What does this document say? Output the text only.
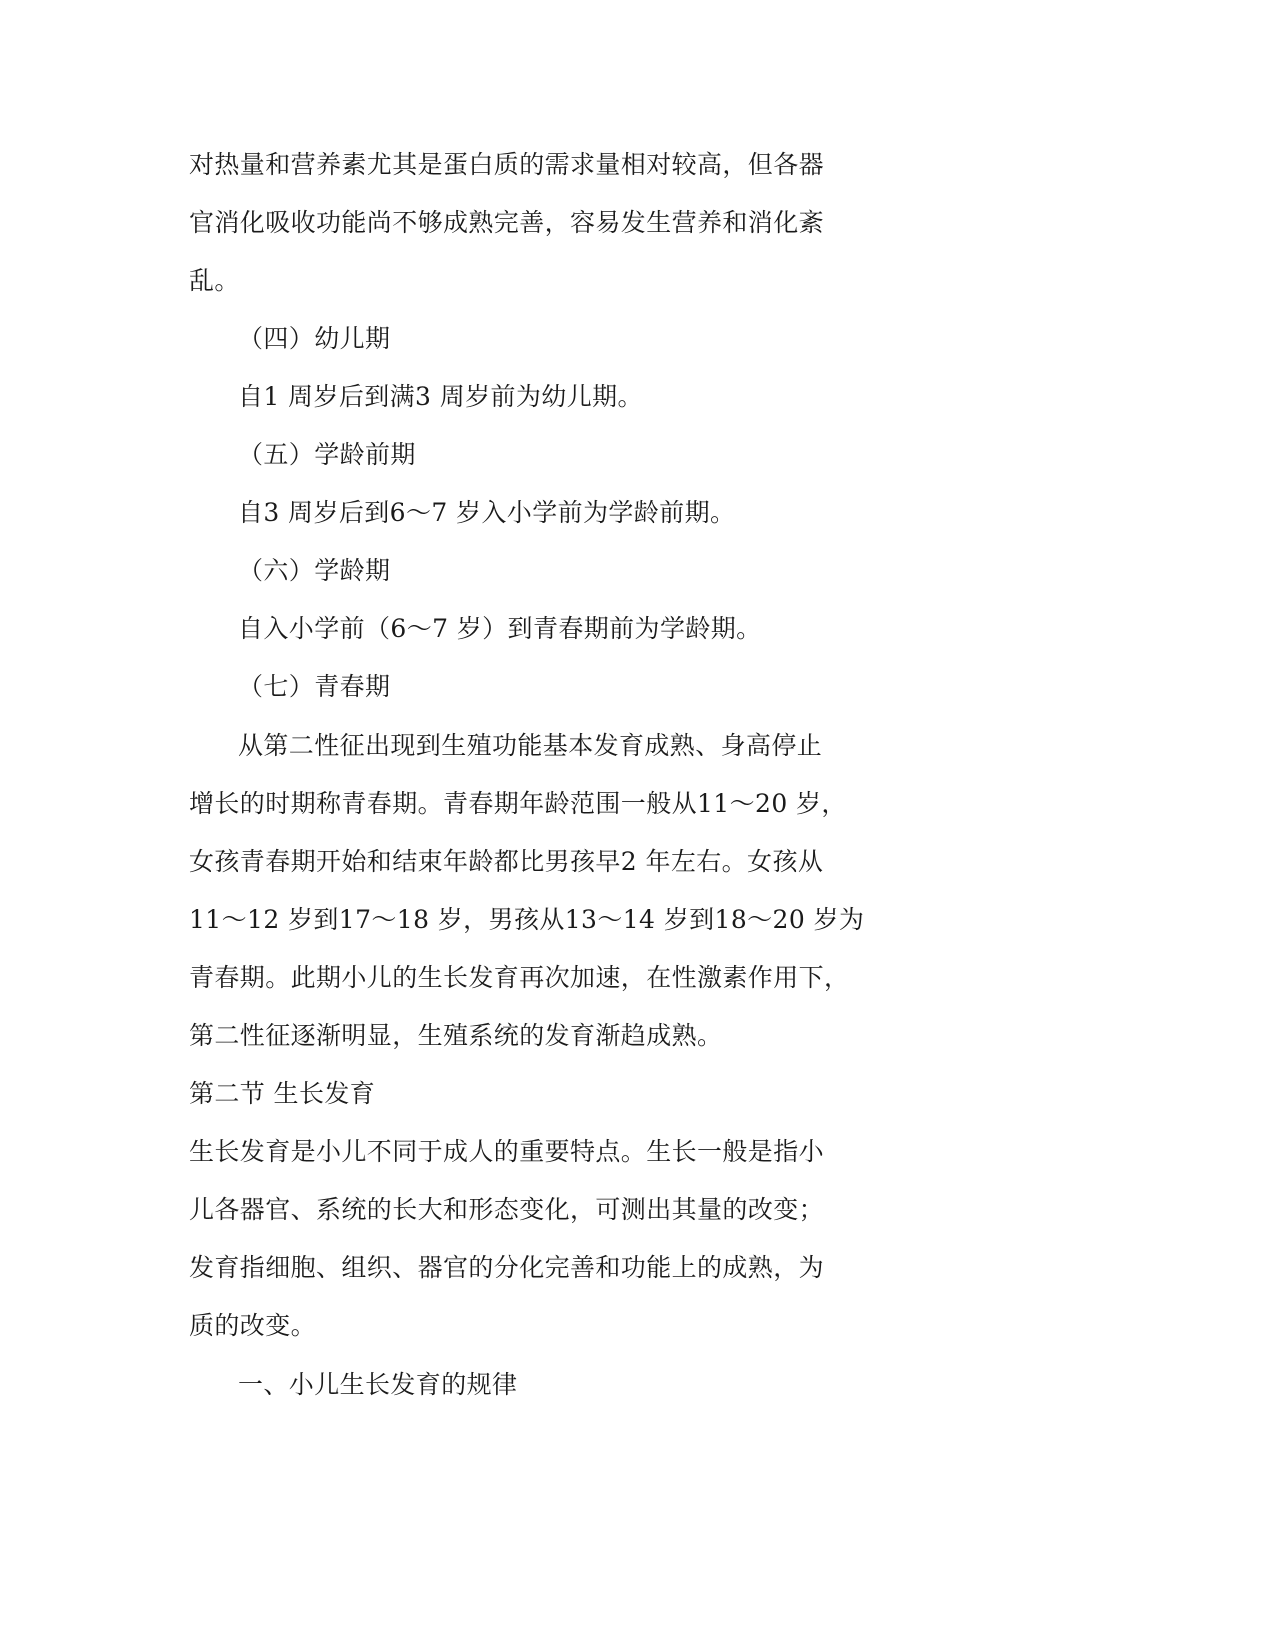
对热量和营养素尤其是蛋白质的需求量相对较高，但各器
官消化吸收功能尚不够成熟完善，容易发生营养和消化紊
乱。
（四）幼儿期
自1 周岁后到满3 周岁前为幼儿期。
（五）学龄前期
自3 周岁后到6～7 岁入小学前为学龄前期。
（六）学龄期
自入小学前（6～7 岁）到青春期前为学龄期。
（七）青春期
从第二性征出现到生殖功能基本发育成熟、身高停止
增长的时期称青春期。青春期年龄范围一般从11～20 岁，
女孩青春期开始和结束年龄都比男孩早2 年左右。女孩从
11～12 岁到17～18 岁，男孩从13～14 岁到18～20 岁为
青春期。此期小儿的生长发育再次加速，在性激素作用下，
第二性征逐渐明显，生殖系统的发育渐趋成熟。
第二节 生长发育
生长发育是小儿不同于成人的重要特点。生长一般是指小
儿各器官、系统的长大和形态变化，可测出其量的改变；
发育指细胞、组织、器官的分化完善和功能上的成熟，为
质的改变。
一、小儿生长发育的规律
